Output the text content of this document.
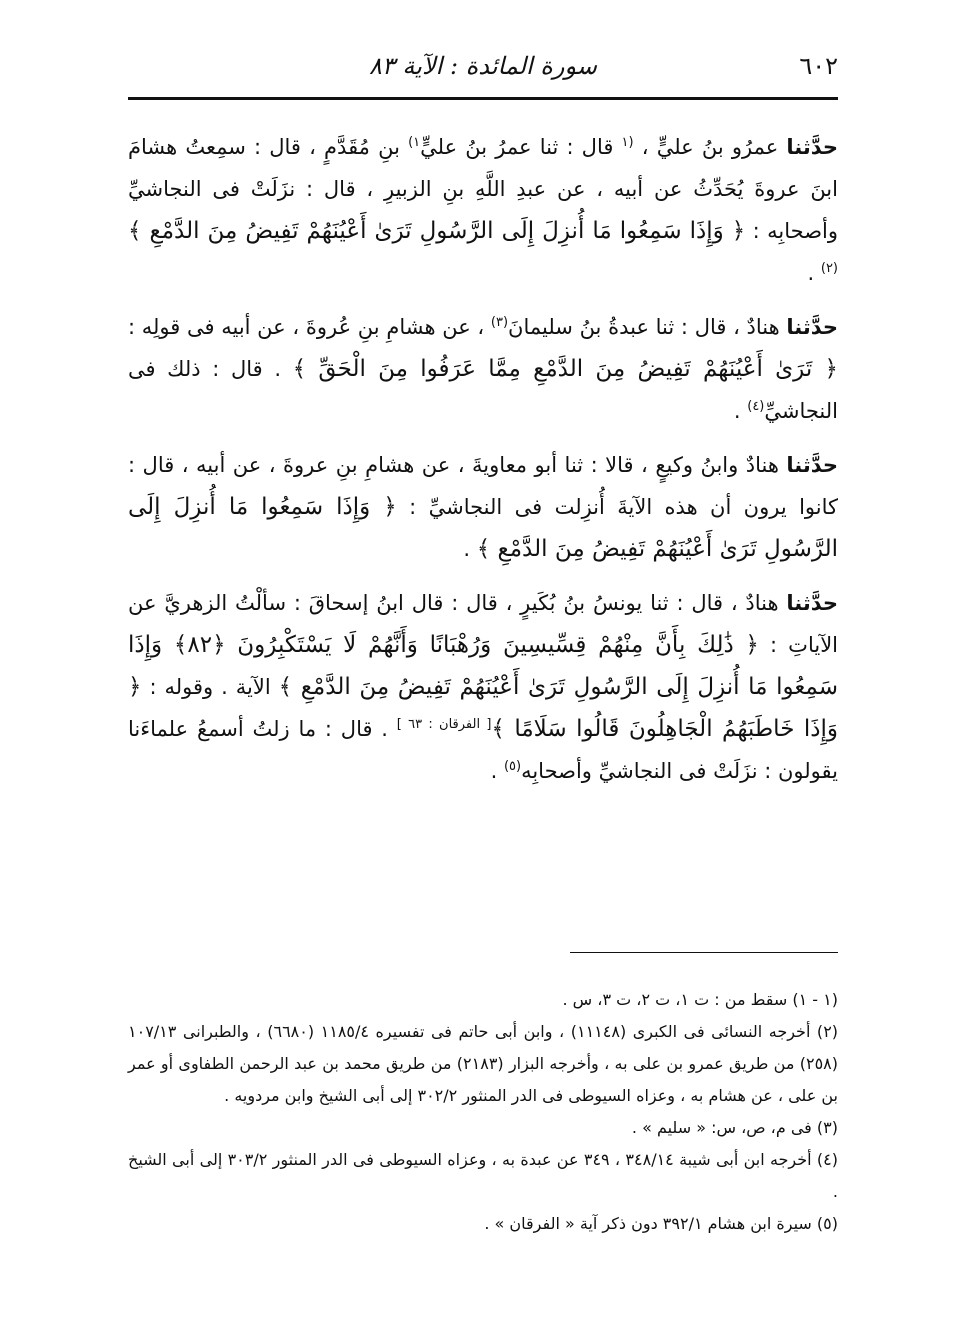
٦٠٢
سورة المائدة : الآية ٨٣

حدَّثنا عمرُو بنُ عليٍّ ، $^{(١}$ قال : ثنا عمرُ بنُ عليٍّ$^{١)}$ بنِ مُقَدَّمٍ ، قال : سمِعتُ هشامَ ابنَ عروةَ يُحَدِّثُ عن أبيه ، عن عبدِ اللَّهِ بنِ الزبيرِ ، قال : نزَلَتْ فى النجاشيِّ وأصحابِه : ﴿ وَإِذَا سَمِعُوا مَا أُنزِلَ إِلَى الرَّسُولِ تَرَىٰ أَعْيُنَهُمْ تَفِيضُ مِنَ الدَّمْعِ ﴾$^{(٢)}$ .

حدَّثنا هنادٌ ، قال : ثنا عبدةُ بنُ سليمانَ$^{(٣)}$ ، عن هشامِ بنِ عُروةَ ، عن أبيه فى قولِه : ﴿ تَرَىٰ أَعْيُنَهُمْ تَفِيضُ مِنَ الدَّمْعِ مِمَّا عَرَفُوا مِنَ الْحَقِّ ﴾ . قال : ذلك فى النجاشيِّ$^{(٤)}$ .

حدَّثنا هنادٌ وابنُ وكيعٍ ، قالا : ثنا أبو معاويةَ ، عن هشامِ بنِ عروةَ ، عن أبيه ، قال : كانوا يرون أن هذه الآيةَ أُنزِلت فى النجاشيِّ : ﴿ وَإِذَا سَمِعُوا مَا أُنزِلَ إِلَى الرَّسُولِ تَرَىٰ أَعْيُنَهُمْ تَفِيضُ مِنَ الدَّمْعِ ﴾ .

حدَّثنا هنادٌ ، قال : ثنا يونسُ بنُ بُكَيرٍ ، قال : قال ابنُ إسحاقَ : سألْتُ الزهريَّ عن الآياتِ : ﴿ ذَٰلِكَ بِأَنَّ مِنْهُمْ قِسِّيسِينَ وَرُهْبَانًا وَأَنَّهُمْ لَا يَسْتَكْبِرُونَ ﴿٨٢﴾ وَإِذَا سَمِعُوا مَا أُنزِلَ إِلَى الرَّسُولِ تَرَىٰ أَعْيُنَهُمْ تَفِيضُ مِنَ الدَّمْعِ ﴾ الآية . وقوله : ﴿ وَإِذَا خَاطَبَهُمُ الْجَاهِلُونَ قَالُوا سَلَامًا ﴾[ الفرقان : ٦٣ ] . قال : ما زلتُ أسمعُ علماءَنا يقولون : نزَلَتْ فى النجاشيِّ وأصحابِه$^{(٥)}$ .

(١ - ١) سقط من : ت ١، ت ٢، ت ٣، س .

(٢) أخرجه النسائى فى الكبرى (١١١٤٨) ، وابن أبى حاتم فى تفسيره ١١٨٥/٤ (٦٦٨٠) ، والطبرانى ١٠٧/١٣ (٢٥٨) من طريق عمرو بن على به ، وأخرجه البزار (٢١٨٣) من طريق محمد بن عبد الرحمن الطفاوى أو عمر بن على ، عن هشام به ، وعزاه السيوطى فى الدر المنثور ٣٠٢/٢ إلى أبى الشيخ وابن مردويه .

(٣) فى م، ص، س: « سليم » .

(٤) أخرجه ابن أبى شيبة ٣٤٨/١٤ ، ٣٤٩ عن عبدة به ، وعزاه السيوطى فى الدر المنثور ٣٠٣/٢ إلى أبى الشيخ .

(٥) سيرة ابن هشام ٣٩٢/١ دون ذكر آية « الفرقان » .
